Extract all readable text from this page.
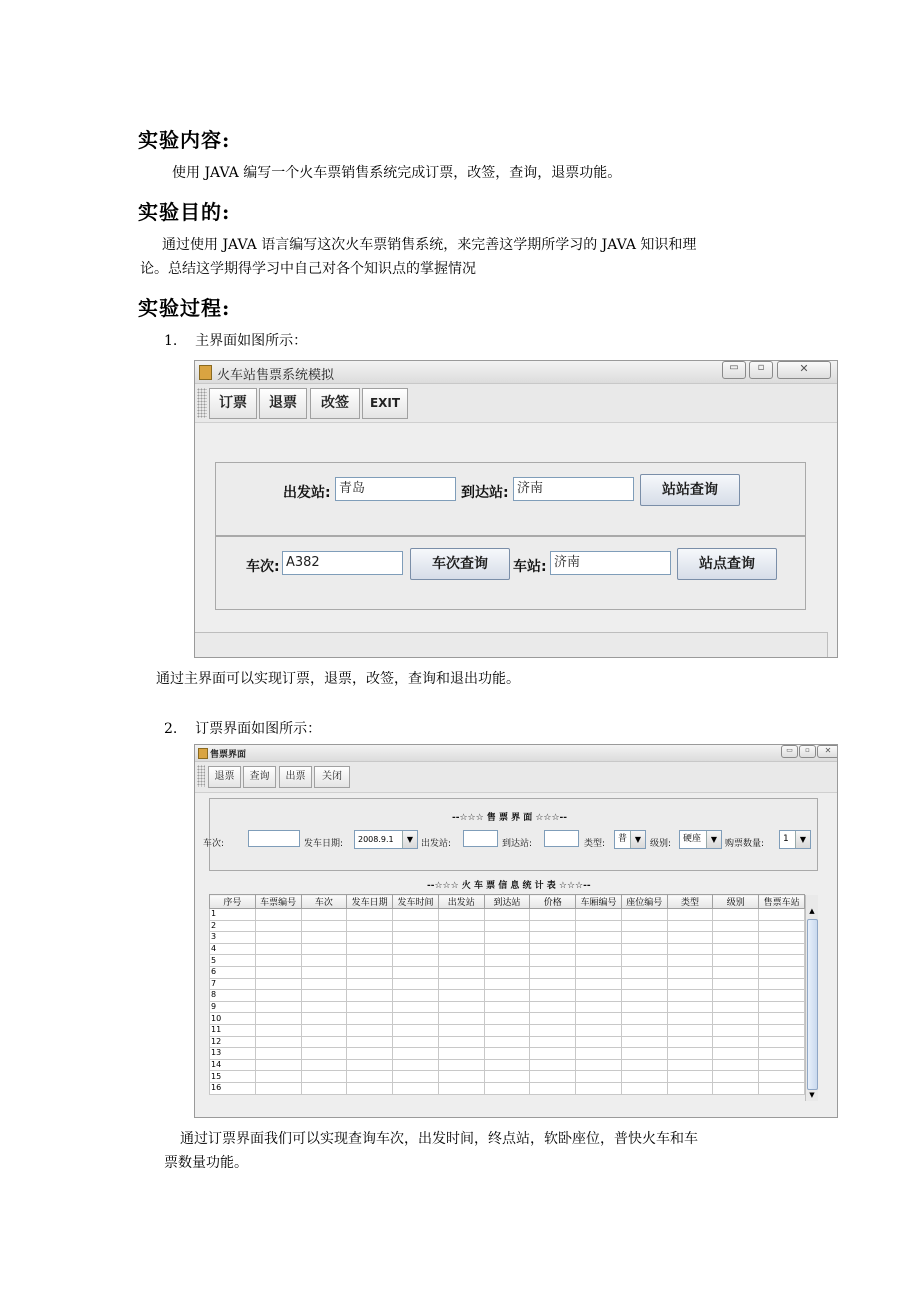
实验内容:
使用 JAVA 编写一个火车票销售系统完成订票，改签，查询，退票功能。
实验目的:
通过使用 JAVA 语言编写这次火车票销售系统，来完善这学期所学习的 JAVA 知识和理
论。总结这学期得学习中自己对各个知识点的掌握情况
实验过程:
1.    主界面如图所示：
火车站售票系统模拟
▭	▫	✕
订票	退票	改签	EXIT
出发站: 青岛	到达站: 济南	站站查询
车次: A382	车次查询	车站: 济南	站点查询
通过主界面可以实现订票，退票，改签，查询和退出功能。
2.    订票界面如图所示：
售票界面	▭	▫	✕
退票	查询	出票	关闭
--☆☆☆ 售 票 界 面 ☆☆☆--
车次:	发车日期: 2008.9.1	▼ 出发站:	到达站:	类型: 普 ▼ 级别: 硬座	▼ 购票数量: 1	▼
--☆☆☆ 火 车 票 信 息 统 计 表 ☆☆☆--
序号	车票编号	车次	发车日期	发车时间	出发站	到达站	价格	车厢编号	座位编号	类型	级别	售票车站
1												
2												
3												
4												
5												
6												
7												
8												
9												
10												
11												
12												
13												
14												
15												
16												
▲
▼
通过订票界面我们可以实现查询车次，出发时间，终点站，软卧座位，普快火车和车
票数量功能。
